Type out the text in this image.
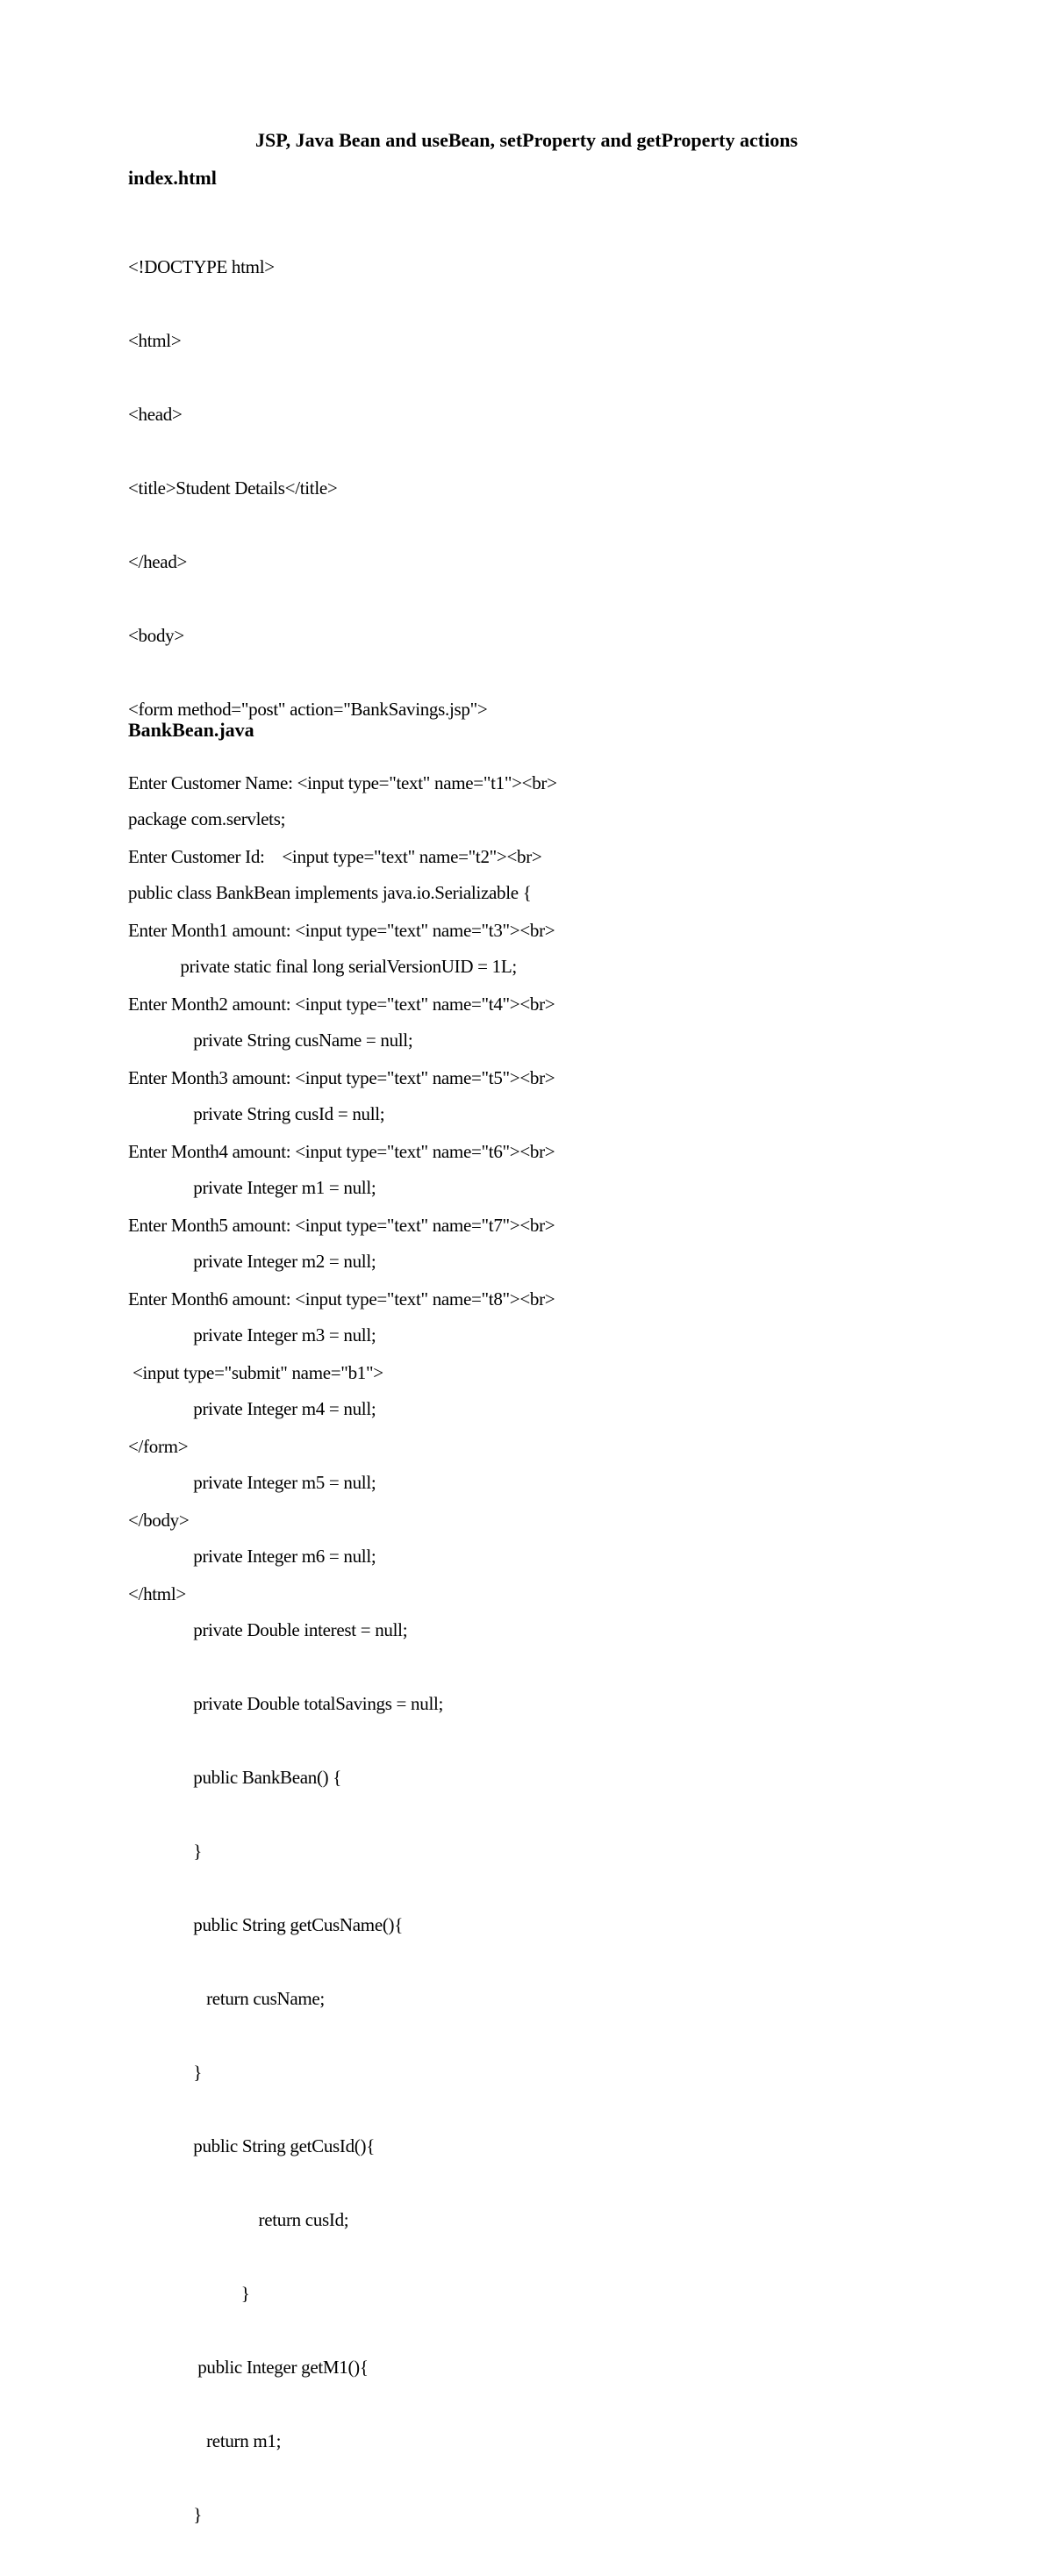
JSP, Java Bean and useBean, setProperty and getProperty actions
index.html

<!DOCTYPE html>

<html>

<head>

<title>Student Details</title>

</head>

<body>

<form method="post" action="BankSavings.jsp">

Enter Customer Name: <input type="text" name="t1"><br>

Enter Customer Id:    <input type="text" name="t2"><br>

Enter Month1 amount: <input type="text" name="t3"><br>

Enter Month2 amount: <input type="text" name="t4"><br>

Enter Month3 amount: <input type="text" name="t5"><br>

Enter Month4 amount: <input type="text" name="t6"><br>

Enter Month5 amount: <input type="text" name="t7"><br>

Enter Month6 amount: <input type="text" name="t8"><br>

<input type="submit" name="b1">

</form>

</body>

</html>

BankBean.java

package com.servlets;

public class BankBean implements java.io.Serializable {

private static final long serialVersionUID = 1L;

private String cusName = null;

private String cusId = null;

private Integer m1 = null;

private Integer m2 = null;

private Integer m3 = null;

private Integer m4 = null;

private Integer m5 = null;

private Integer m6 = null;

private Double interest = null;

private Double totalSavings = null;

public BankBean() {

}

public String getCusName(){

return cusName;

}

public String getCusId(){

return cusId;

}

public Integer getM1(){

return m1;

}
